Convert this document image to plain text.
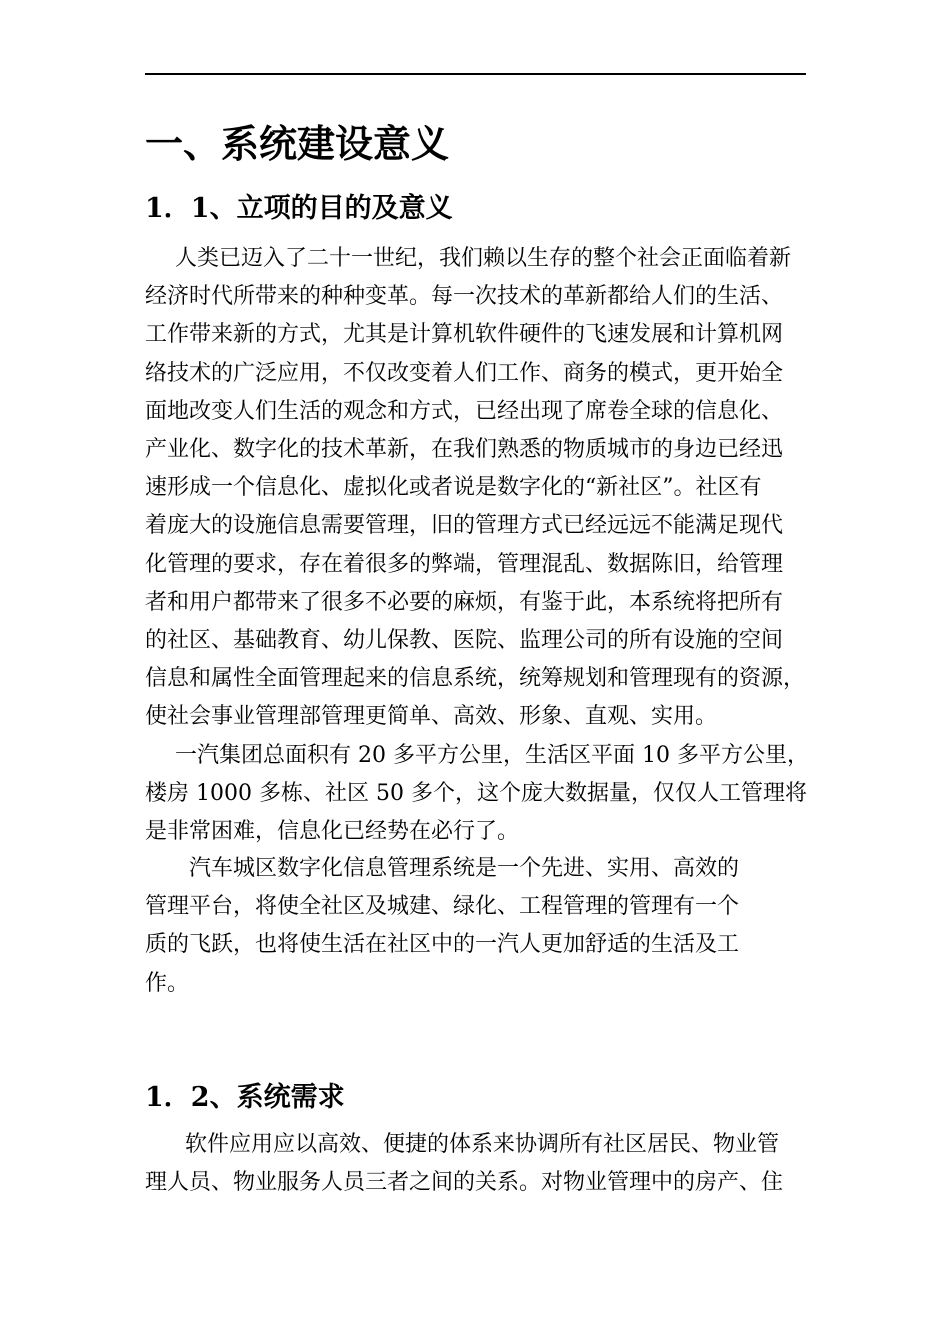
一、系统建设意义
1．1、立项的目的及意义
人类已迈入了二十一世纪，我们赖以生存的整个社会正面临着新
经济时代所带来的种种变革。每一次技术的革新都给人们的生活、
工作带来新的方式，尤其是计算机软件硬件的飞速发展和计算机网
络技术的广泛应用，不仅改变着人们工作、商务的模式，更开始全
面地改变人们生活的观念和方式，已经出现了席卷全球的信息化、
产业化、数字化的技术革新，在我们熟悉的物质城市的身边已经迅
速形成一个信息化、虚拟化或者说是数字化的“新社区”。社区有
着庞大的设施信息需要管理，旧的管理方式已经远远不能满足现代
化管理的要求，存在着很多的弊端，管理混乱、数据陈旧，给管理
者和用户都带来了很多不必要的麻烦，有鉴于此，本系统将把所有
的社区、基础教育、幼儿保教、医院、监理公司的所有设施的空间
信息和属性全面管理起来的信息系统，统筹规划和管理现有的资源，
使社会事业管理部管理更简单、高效、形象、直观、实用。
一汽集团总面积有 20 多平方公里，生活区平面 10 多平方公里，
楼房 1000 多栋、社区 50 多个，这个庞大数据量，仅仅人工管理将
是非常困难，信息化已经势在必行了。
汽车城区数字化信息管理系统是一个先进、实用、高效的
管理平台，将使全社区及城建、绿化、工程管理的管理有一个
质的飞跃，也将使生活在社区中的一汽人更加舒适的生活及工
作。
1．2、系统需求
软件应用应以高效、便捷的体系来协调所有社区居民、物业管
理人员、物业服务人员三者之间的关系。对物业管理中的房产、住
